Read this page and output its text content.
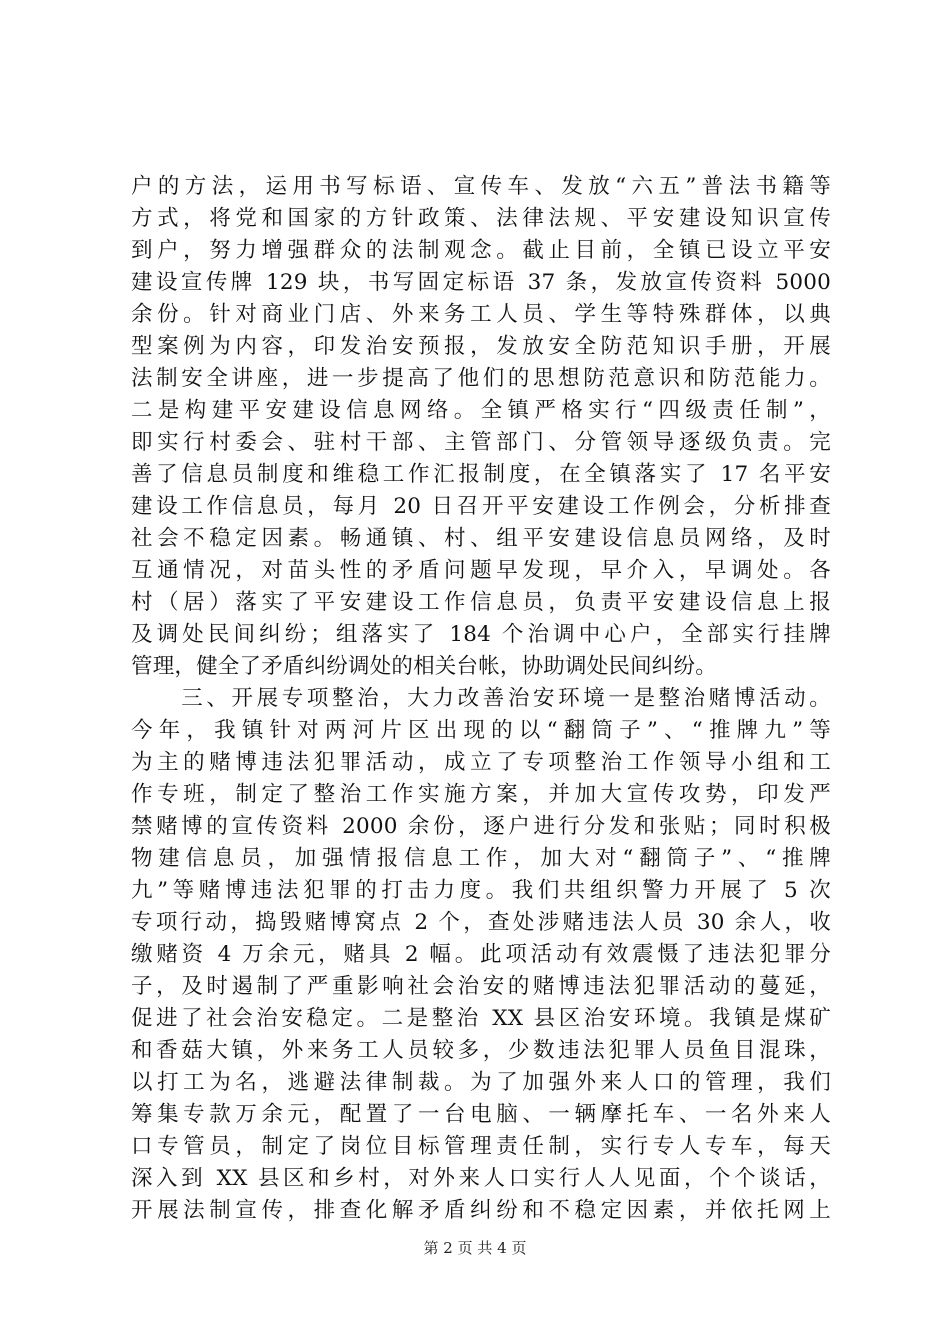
户的方法，运用书写标语、宣传车、发放“六五”普法书籍等
方式，将党和国家的方针政策、法律法规、平安建设知识宣传
到户，努力增强群众的法制观念。截止目前，全镇已设立平安
建设宣传牌 129 块，书写固定标语 37 条，发放宣传资料 5000
余份。针对商业门店、外来务工人员、学生等特殊群体，以典
型案例为内容，印发治安预报，发放安全防范知识手册，开展
法制安全讲座，进一步提高了他们的思想防范意识和防范能力。
二是构建平安建设信息网络。全镇严格实行“四级责任制”，
即实行村委会、驻村干部、主管部门、分管领导逐级负责。完
善了信息员制度和维稳工作汇报制度，在全镇落实了 17 名平安
建设工作信息员，每月 20 日召开平安建设工作例会，分析排查
社会不稳定因素。畅通镇、村、组平安建设信息员网络，及时
互通情况，对苗头性的矛盾问题早发现，早介入，早调处。各
村（居）落实了平安建设工作信息员，负责平安建设信息上报
及调处民间纠纷；组落实了 184 个治调中心户，全部实行挂牌
管理，健全了矛盾纠纷调处的相关台帐，协助调处民间纠纷。
　　三、开展专项整治，大力改善治安环境一是整治赌博活动。
今年，我镇针对两河片区出现的以“翻筒子”、“推牌九”等
为主的赌博违法犯罪活动，成立了专项整治工作领导小组和工
作专班，制定了整治工作实施方案，并加大宣传攻势，印发严
禁赌博的宣传资料 2000 余份，逐户进行分发和张贴；同时积极
物建信息员，加强情报信息工作，加大对“翻筒子”、“推牌
九”等赌博违法犯罪的打击力度。我们共组织警力开展了 5 次
专项行动，捣毁赌博窝点 2 个，查处涉赌违法人员 30 余人，收
缴赌资 4 万余元，赌具 2 幅。此项活动有效震慑了违法犯罪分
子，及时遏制了严重影响社会治安的赌博违法犯罪活动的蔓延，
促进了社会治安稳定。二是整治 XX 县区治安环境。我镇是煤矿
和香菇大镇，外来务工人员较多，少数违法犯罪人员鱼目混珠，
以打工为名，逃避法律制裁。为了加强外来人口的管理，我们
筹集专款万余元，配置了一台电脑、一辆摩托车、一名外来人
口专管员，制定了岗位目标管理责任制，实行专人专车，每天
深入到 XX 县区和乡村，对外来人口实行人人见面，个个谈话，
开展法制宣传，排查化解矛盾纠纷和不稳定因素，并依托网上
第 2 页 共 4 页
